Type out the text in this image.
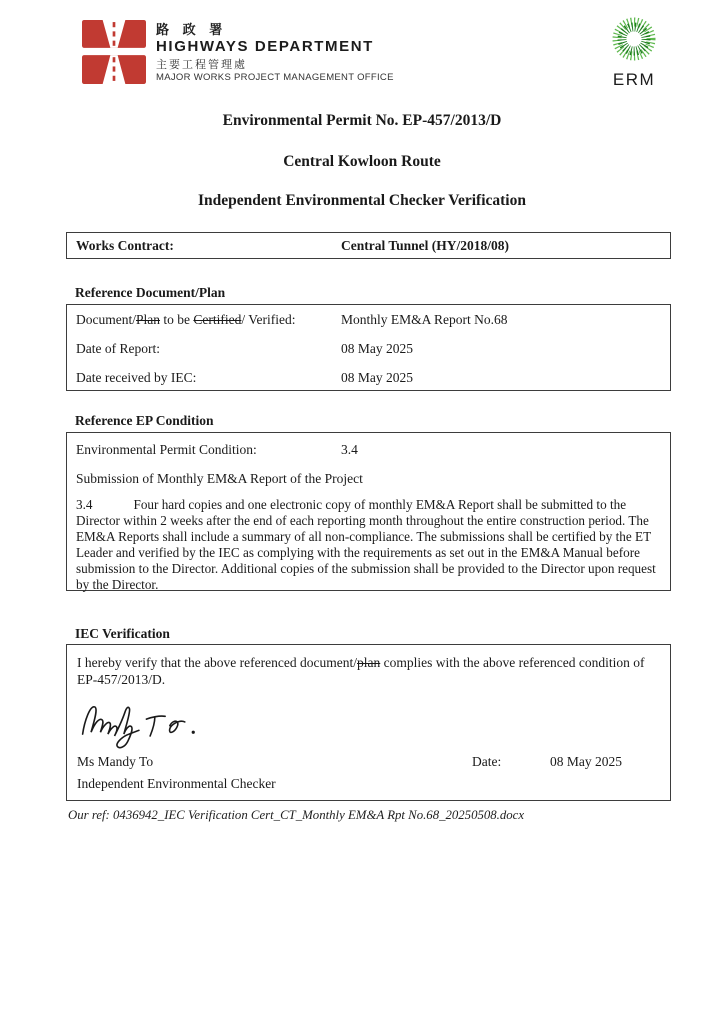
路 政 署
HIGHWAYS DEPARTMENT
主要工程管理處
MAJOR WORKS PROJECT MANAGEMENT OFFICE	ERM
Environmental Permit No. EP-457/2013/D
Central Kowloon Route
Independent Environmental Checker Verification
Works Contract:	Central Tunnel (HY/2018/08)
Reference Document/Plan
Document/Plan to be Certified/ Verified:	Monthly EM&A Report No.68
Date of Report:	08 May 2025
Date received by IEC:	08 May 2025
Reference EP Condition
Environmental Permit Condition:	3.4
Submission of Monthly EM&A Report of the Project
3.4	Four hard copies and one electronic copy of monthly EM&A Report shall be submitted to the Director within 2 weeks after the end of each reporting month throughout the entire construction period. The EM&A Reports shall include a summary of all non-compliance. The submissions shall be certified by the ET Leader and verified by the IEC as complying with the requirements as set out in the EM&A Manual before submission to the Director. Additional copies of the submission shall be provided to the Director upon request by the Director.
IEC Verification
I hereby verify that the above referenced document/plan complies with the above referenced condition of EP-457/2013/D.
Ms Mandy To	Date:	08 May 2025
Independent Environmental Checker
Our ref: 0436942_IEC Verification Cert_CT_Monthly EM&A Rpt No.68_20250508.docx
